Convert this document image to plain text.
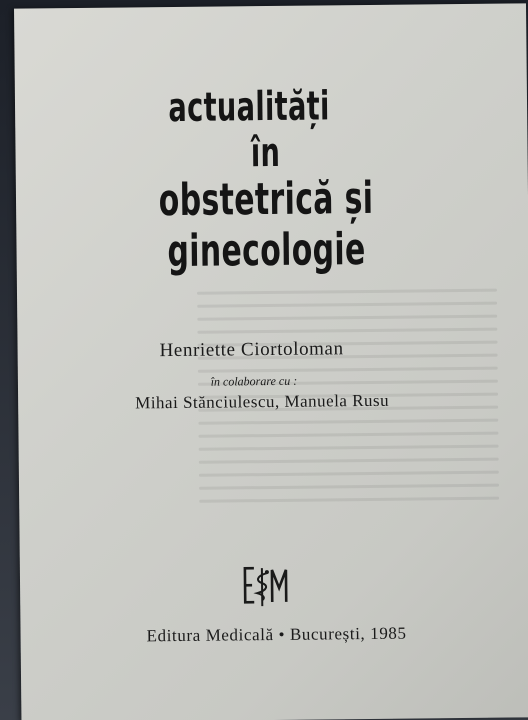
​
actualități
în
obstetrică și ginecologie
Henriette Ciortoloman
în colaborare cu :
Mihai Stănciulescu, Manuela Rusu
Editura Medicală • București, 1985
